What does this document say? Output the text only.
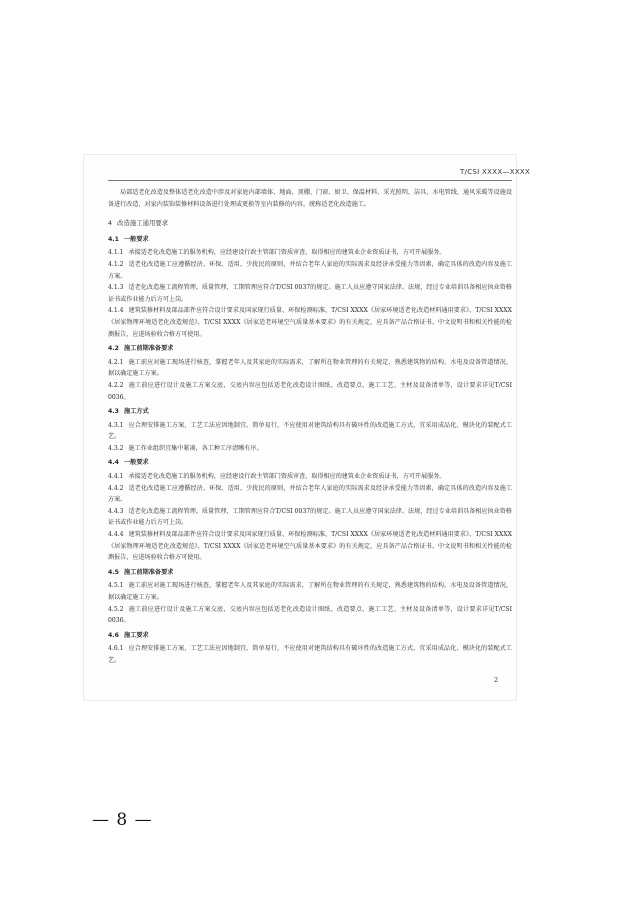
T/CSI XXXX—XXXX

局部适老化改造及整体适老化改造中涉及对家庭内部墙体、地面、顶棚、门窗、厨卫、保温材料、采光照明、洁具、水电管线、通风采暖等设施设备进行改造，对家内装饰装修材料设备进行处理或更换等室内装修的内容，统称适老化改造施工。

4 改造施工通用要求

4.1 一般要求

4.1.1 承接适老化改造施工的服务机构，应经建设行政主管部门资质审查，取得相应的建筑业企业资质证书，方可开展服务。

4.1.2 适老化改造施工应遵循经济、环保、适用、少扰民的原则，并结合老年人家庭的实际需求及经济承受能力等因素，确定具体的改造内容及施工方案。

4.1.3 适老化改造施工流程管理、质量管理、工期管理应符合T/CSI 0037的规定。施工人员应遵守国家法律、法规，经过专业培训具备相应执业资格证书或作业能力后方可上岗。

4.1.4 建筑装修材料及部品部件应符合设计要求及国家现行质量、环保检测标准，T/CSI XXXX《居家环境适老化改造材料通用要求》、T/CSI XXXX 《居家物理环境适老化改造规范》、T/CSI XXXX《居家适老环境空气质量基本要求》的有关规定，应具备产品合格证书、中文说明书和相关性能的检测报告，应进场验收合格方可使用。

4.2 施工前期准备要求

4.2.1 施工前应对施工现场进行核查，掌握老年人及其家庭的实际需求，了解所在物业管理的有关规定，熟悉建筑物的结构、水电及设备管道情况，据以确定施工方案。

4.2.2 施工前应进行设计及施工方案交底，交底内容应包括适老化改造设计图纸、改造要点、施工工艺、主材及设备清单等，设计要求详见T/CSI 0036。

4.3 施工方式

4.3.1 应合理安排施工方案，工艺工法应因地制宜、简单易行，不应使用对建筑结构具有破坏性的改造施工方式，宜采用成品化、模块化的装配式工艺。

4.3.2 施工作业组织宜集中紧凑，各工种工序清晰有序。

4.4 一般要求

4.4.1 承接适老化改造施工的服务机构，应经建设行政主管部门资质审查，取得相应的建筑业企业资质证书，方可开展服务。

4.4.2 适老化改造施工应遵循经济、环保、适用、少扰民的原则，并结合老年人家庭的实际需求及经济承受能力等因素，确定具体的改造内容及施工方案。

4.4.3 适老化改造施工流程管理、质量管理、工期管理应符合T/CSI 0037的规定。施工人员应遵守国家法律、法规，经过专业培训具备相应执业资格证书或作业能力后方可上岗。

4.4.4 建筑装修材料及部品部件应符合设计要求及国家现行质量、环保检测标准，T/CSI XXXX《居家环境适老化改造材料通用要求》、T/CSI XXXX 《居家物理环境适老化改造规范》、T/CSI XXXX《居家适老环境空气质量基本要求》的有关规定，应具备产品合格证书、中文说明书和相关性能的检测报告，应进场验收合格方可使用。

4.5 施工前期准备要求

4.5.1 施工前应对施工现场进行核查，掌握老年人及其家庭的实际需求，了解所在物业管理的有关规定，熟悉建筑物的结构、水电及设备管道情况，据以确定施工方案。

4.5.2 施工前应进行设计及施工方案交底，交底内容应包括适老化改造设计图纸、改造要点、施工工艺、主材及设备清单等，设计要求详见T/CSI 0036。

4.6 施工要求

4.6.1 应合理安排施工方案，工艺工法应因地制宜、简单易行，不应使用对建筑结构具有破坏性的改造施工方式，宜采用成品化、模块化的装配式工艺。

2
— 8 —
